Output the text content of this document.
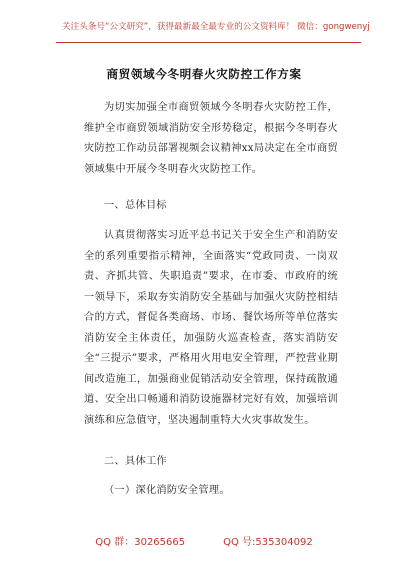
关注头条号“公文研究”，获得最新最全最专业的公文资料库！ 微信：gongwenyj
商贸领域今冬明春火灾防控工作方案

为切实加强全市商贸领域今冬明春火灾防控工作，维护全市商贸领域消防安全形势稳定，根据今冬明春火灾防控工作动员部署视频会议精神xx局决定在全市商贸领域集中开展今冬明春火灾防控工作。

一、总体目标

认真贯彻落实习近平总书记关于安全生产和消防安全的系列重要指示精神，全面落实“党政同责、一岗双责、齐抓共管、失职追责”要求，在市委、市政府的统一领导下，采取夯实消防安全基础与加强火灾防控相结合的方式，督促各类商场、市场、餐饮场所等单位落实消防安全主体责任，加强防火巡查检查，落实消防安全“三提示”要求，严格用火用电安全管理，严控营业期间改造施工，加强商业促销活动安全管理，保持疏散通道、安全出口畅通和消防设施器材完好有效，加强培训演练和应急值守，坚决遏制重特大火灾事故发生。

二、具体工作

（一）深化消防安全管理。

QQ 群：30265665	QQ 号:535304092
